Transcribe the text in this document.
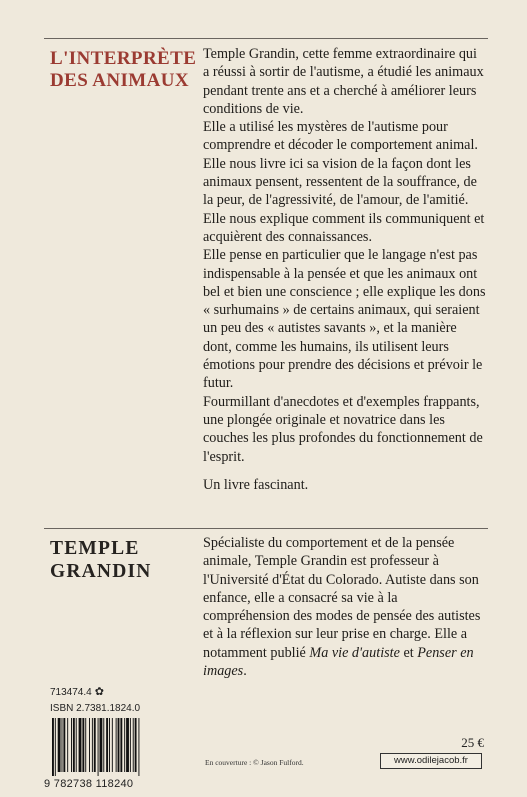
L'INTERPRÈTE
DES ANIMAUX

Temple Grandin, cette femme extraordinaire qui a réussi à sortir de l'autisme, a étudié les animaux pendant trente ans et a cherché à améliorer leurs conditions de vie.

Elle a utilisé les mystères de l'autisme pour comprendre et décoder le comportement animal.

Elle nous livre ici sa vision de la façon dont les animaux pensent, ressentent de la souffrance, de la peur, de l'agressivité, de l'amour, de l'amitié. Elle nous explique comment ils communiquent et acquièrent des connaissances.

Elle pense en particulier que le langage n'est pas indispensable à la pensée et que les animaux ont bel et bien une conscience ; elle explique les dons « surhumains » de certains animaux, qui seraient un peu des « autistes savants », et la manière dont, comme les humains, ils utilisent leurs émotions pour prendre des décisions et prévoir le futur.

Fourmillant d'anecdotes et d'exemples frappants, une plongée originale et novatrice dans les couches les plus profondes du fonctionnement de l'esprit.

Un livre fascinant.

TEMPLE
GRANDIN

Spécialiste du comportement et de la pensée animale, Temple Grandin est professeur à l'Université d'État du Colorado. Autiste dans son enfance, elle a consacré sa vie à la compréhension des modes de pensée des autistes et à la réflexion sur leur prise en charge. Elle a notamment publié Ma vie d'autiste et Penser en images.

713474.4 ✿
ISBN 2.7381.1824.0
9 782738 118240
En couverture : © Jason Fulford.
25 €
www.odilejacob.fr
